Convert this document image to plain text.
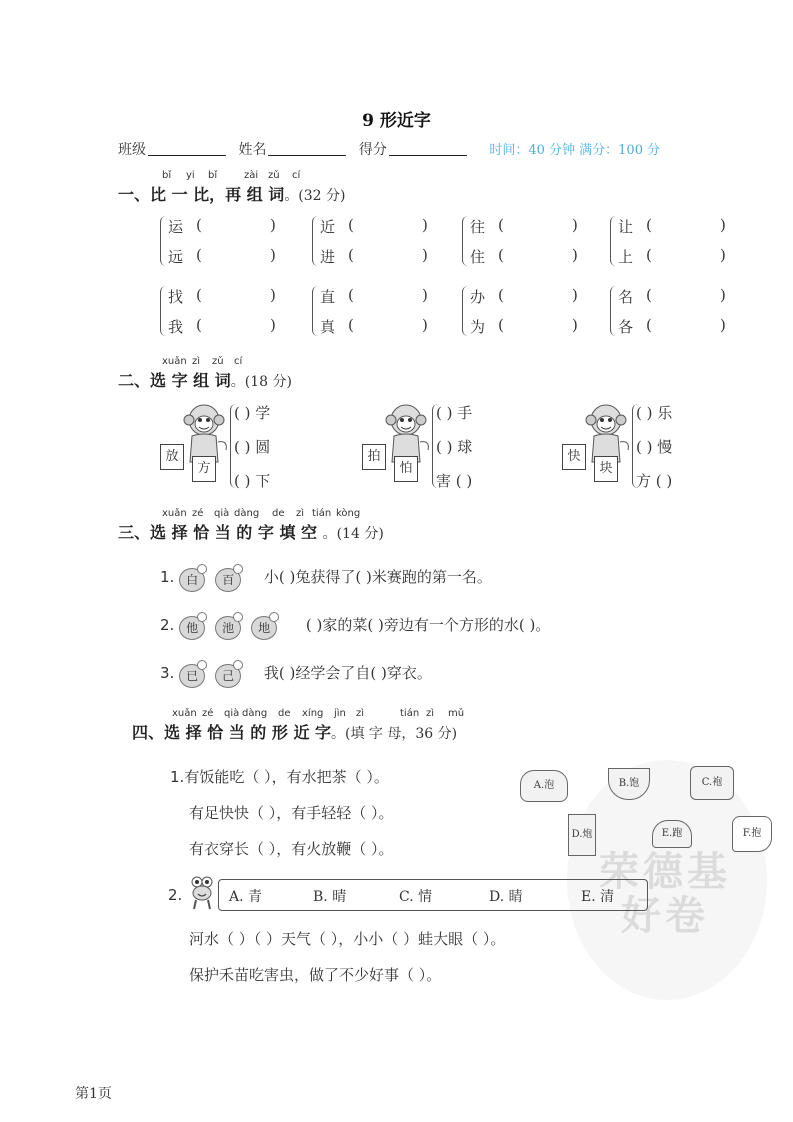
9 形近字
班级	姓名	得分	时间：40 分钟 满分：100 分
bǐ yi bǐ	zài zǔ cí
一、比 一 比，再 组 词。(32 分)
运 (	)
远 (	)
近 (	)
进 (	)
往 (	)
住 (	)
让 (	)
上 (	)
找 (	)
我 (	)
直 (	)
真 (	)
办 (	)
为 (	)
名 (	)
各 (	)
xuǎn zì zǔ cí
二、选 字 组 词。(18 分)
放
方
( ) 学
( ) 圆
( ) 下
拍
怕
( ) 手
( ) 球
害 ( )
快
块
( ) 乐
( ) 慢
方 ( )
xuǎn zé qià dàng de zì tián kòng
三、选 择 恰 当 的 字 填 空 。(14 分)
1. 白	百	小( )兔获得了( )米赛跑的第一名。
2. 他	池	地	( )家的菜( )旁边有一个方形的水( )。
3. 已	己	我( )经学会了自( )穿衣。
荣德基 好卷
xuǎn zé qià dàng de xíng jìn zì	tián zì mǔ
四、选 择 恰 当 的 形 近 字。(填 字 母，36 分)
1.有饭能吃（ ），有水把茶（ ）。
有足快快（ ），有手轻轻（ ）。
有衣穿长（ ），有火放鞭（ ）。
A.泡	B.饱	C.袍
D.炮	E.跑	F.抱
2.	A. 青	B. 晴	C. 情	D. 睛	E. 清
河水（ ）（ ）天气（ ），小小（ ）蛙大眼（ ）。
保护禾苗吃害虫，做了不少好事（ ）。
第1页
